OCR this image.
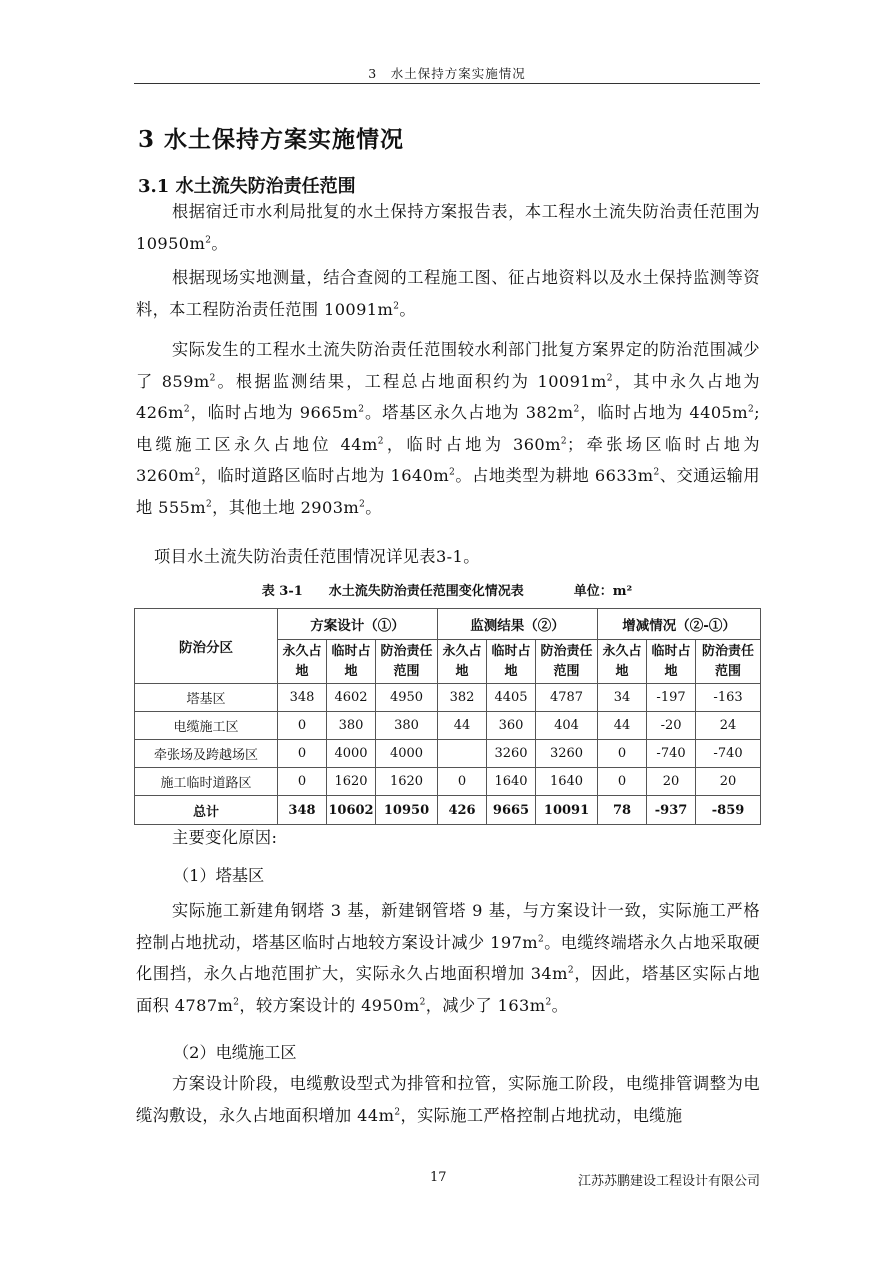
3　水土保持方案实施情况
3 水土保持方案实施情况
3.1 水土流失防治责任范围

根据宿迁市水利局批复的水土保持方案报告表，本工程水土流失防治责任范围为$10950m^2$。

根据现场实地测量，结合查阅的工程施工图、征占地资料以及水土保持监测等资料，本工程防治责任范围 $10091m^2$。

实际发生的工程水土流失防治责任范围较水利部门批复方案界定的防治范围减少了 $859m^2$。根据监测结果，工程总占地面积约为 $10091m^2$，其中永久占地为 $426m^2$，临时占地为 $9665m^2$。塔基区永久占地为 $382m^2$，临时占地为 $4405m^2$;电缆施工区永久占地位 $44m^2$，临时占地为 $360m^2$；牵张场区临时占地为 $3260m^2$，临时道路区临时占地为 $1640m^2$。占地类型为耕地 $6633m^2$、交通运输用地 $555m^2$，其他土地 $2903m^2$。

项目水土流失防治责任范围情况详见表3-1。

表 3-1　　水土流失防治责任范围变化情况表	单位：m²
防治分区	方案设计（①）			监测结果（②）			增减情况（②-①）		
	永久占地	临时占地	防治责任范围	永久占地	临时占地	防治责任范围	永久占地	临时占地	防治责任范围
塔基区	348	4602	4950	382	4405	4787	34	-197	-163
电缆施工区	0	380	380	44	360	404	44	-20	24
牵张场及跨越场区	0	4000	4000		3260	3260	0	-740	-740
施工临时道路区	0	1620	1620	0	1640	1640	0	20	20
总计	348	10602	10950	426	9665	10091	78	-937	-859

主要变化原因:

（1）塔基区

实际施工新建角钢塔 3 基，新建钢管塔 9 基，与方案设计一致，实际施工严格控制占地扰动，塔基区临时占地较方案设计减少 $197m^2$。电缆终端塔永久占地采取硬化围挡，永久占地范围扩大，实际永久占地面积增加 $34m^2$，因此，塔基区实际占地面积 $4787m^2$，较方案设计的 $4950m^2$，减少了 $163m^2$。

（2）电缆施工区

方案设计阶段，电缆敷设型式为排管和拉管，实际施工阶段，电缆排管调整为电缆沟敷设，永久占地面积增加 $44m^2$，实际施工严格控制占地扰动，电缆施

17	江苏苏鹏建设工程设计有限公司
